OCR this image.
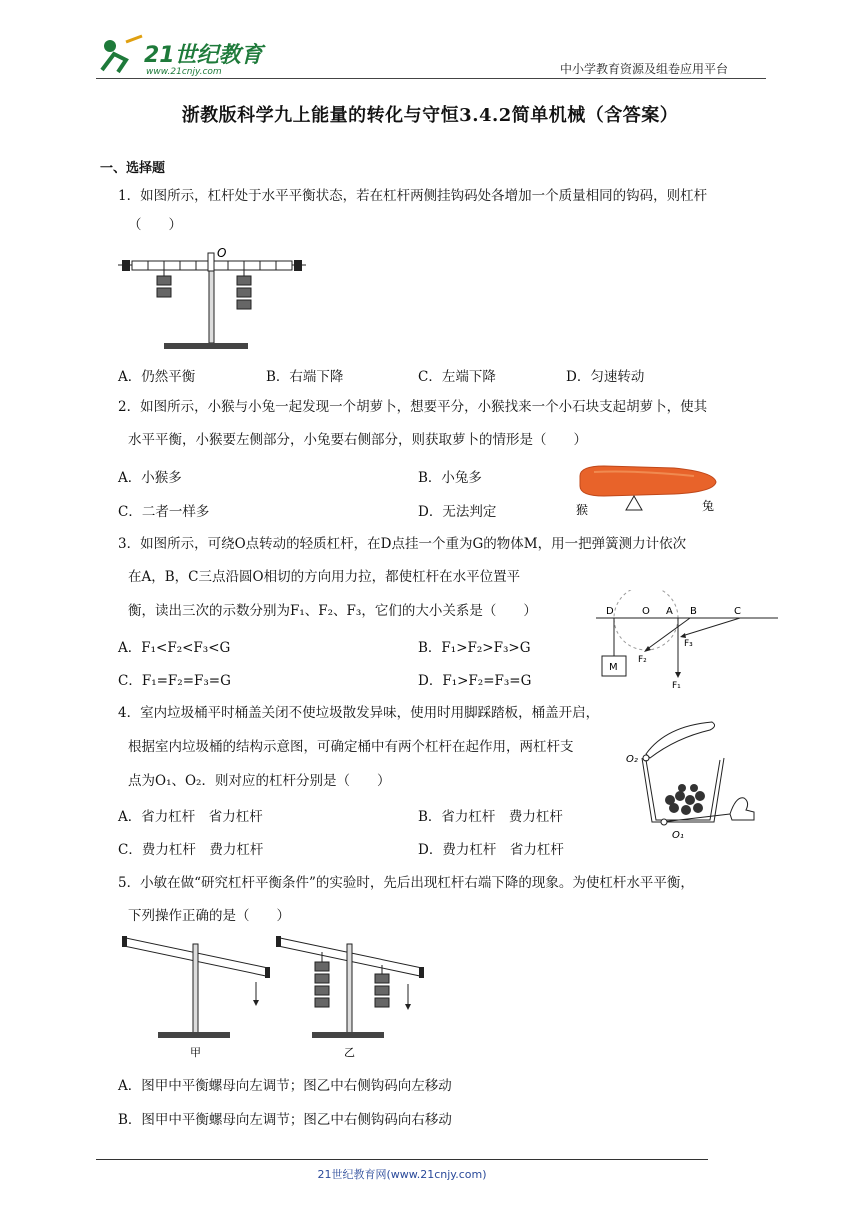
21世纪教育
www.21cnjy.com	中小学教育资源及组卷应用平台
浙教版科学九上能量的转化与守恒3.4.2简单机械（含答案）
一、选择题
1．如图所示，杠杆处于水平平衡状态，若在杠杆两侧挂钩码处各增加一个质量相同的钩码，则杠杆
（　　）
O
A．仍然平衡	B．右端下降	C．左端下降	D．匀速转动
2．如图所示，小猴与小兔一起发现一个胡萝卜，想要平分，小猴找来一个小石块支起胡萝卜，使其
水平平衡，小猴要左侧部分，小兔要右侧部分，则获取萝卜的情形是（　　）
A．小猴多	B．小兔多
C．二者一样多	D．无法判定	猴	兔
3．如图所示，可绕O点转动的轻质杠杆，在D点挂一个重为G的物体M，用一把弹簧测力计依次
在A，B，C三点沿圆O相切的方向用力拉，都使杠杆在水平位置平
衡，读出三次的示数分别为F₁、F₂、F₃，它们的大小关系是（　　）
A．F₁<F₂<F₃<G	B．F₁>F₂>F₃>G
C．F₁=F₂=F₃=G	D．F₁>F₂=F₃=G
D	O A B	C
M
F₁
F₂
F₃
4．室内垃圾桶平时桶盖关闭不使垃圾散发异味，使用时用脚踩踏板，桶盖开启，
根据室内垃圾桶的结构示意图，可确定桶中有两个杠杆在起作用，两杠杆支
点为O₁、O₂．则对应的杠杆分别是（　　）
A．省力杠杆　省力杠杆	B．省力杠杆　费力杠杆
C．费力杠杆　费力杠杆	D．费力杠杆　省力杠杆
O₂
O₁
5．小敏在做“研究杠杆平衡条件”的实验时，先后出现杠杆右端下降的现象。为使杠杆水平平衡，
下列操作正确的是（　　）
甲	乙
A．图甲中平衡螺母向左调节；图乙中右侧钩码向左移动
B．图甲中平衡螺母向左调节；图乙中右侧钩码向右移动
21世纪教育网(www.21cnjy.com)
